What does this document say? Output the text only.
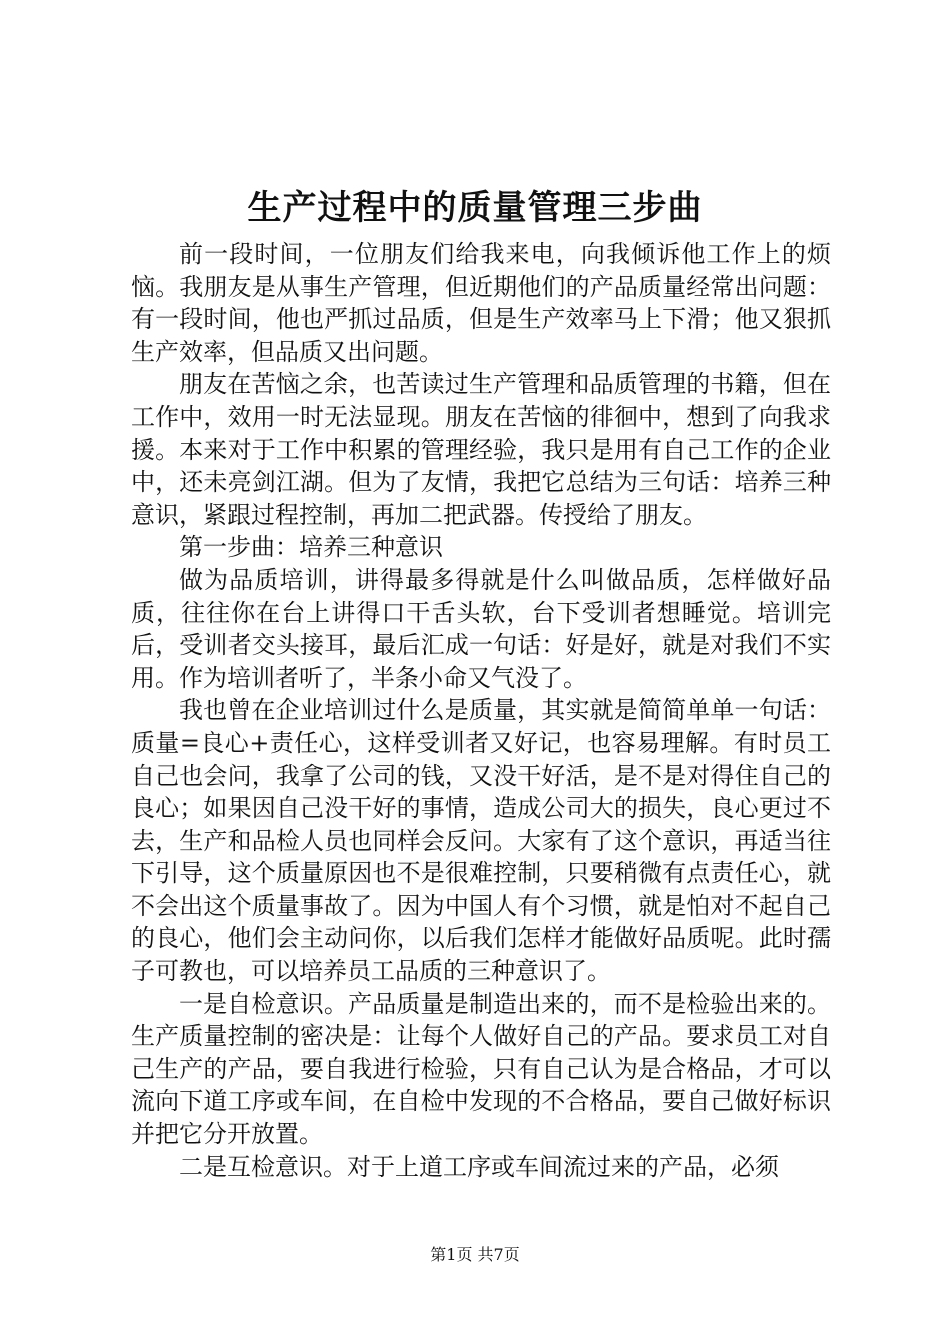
生产过程中的质量管理三步曲

前一段时间，一位朋友们给我来电，向我倾诉他工作上的烦恼。我朋友是从事生产管理，但近期他们的产品质量经常出问题：有一段时间，他也严抓过品质，但是生产效率马上下滑；他又狠抓生产效率，但品质又出问题。

朋友在苦恼之余，也苦读过生产管理和品质管理的书籍，但在工作中，效用一时无法显现。朋友在苦恼的徘徊中，想到了向我求援。本来对于工作中积累的管理经验，我只是用有自己工作的企业中，还未亮剑江湖。但为了友情，我把它总结为三句话：培养三种意识，紧跟过程控制，再加二把武器。传授给了朋友。

第一步曲：培养三种意识

做为品质培训，讲得最多得就是什么叫做品质，怎样做好品质，往往你在台上讲得口干舌头软，台下受训者想睡觉。培训完后，受训者交头接耳，最后汇成一句话：好是好，就是对我们不实用。作为培训者听了，半条小命又气没了。

我也曾在企业培训过什么是质量，其实就是简简单单一句话：质量=良心+责任心，这样受训者又好记，也容易理解。有时员工自己也会问，我拿了公司的钱，又没干好活，是不是对得住自己的良心；如果因自己没干好的事情，造成公司大的损失，良心更过不去，生产和品检人员也同样会反问。大家有了这个意识，再适当往下引导，这个质量原因也不是很难控制，只要稍微有点责任心，就不会出这个质量事故了。因为中国人有个习惯，就是怕对不起自己的良心，他们会主动问你，以后我们怎样才能做好品质呢。此时孺子可教也，可以培养员工品质的三种意识了。

一是自检意识。产品质量是制造出来的，而不是检验出来的。生产质量控制的密决是：让每个人做好自己的产品。要求员工对自己生产的产品，要自我进行检验，只有自己认为是合格品，才可以流向下道工序或车间，在自检中发现的不合格品，要自己做好标识并把它分开放置。

二是互检意识。对于上道工序或车间流过来的产品，必须

第1页 共7页
